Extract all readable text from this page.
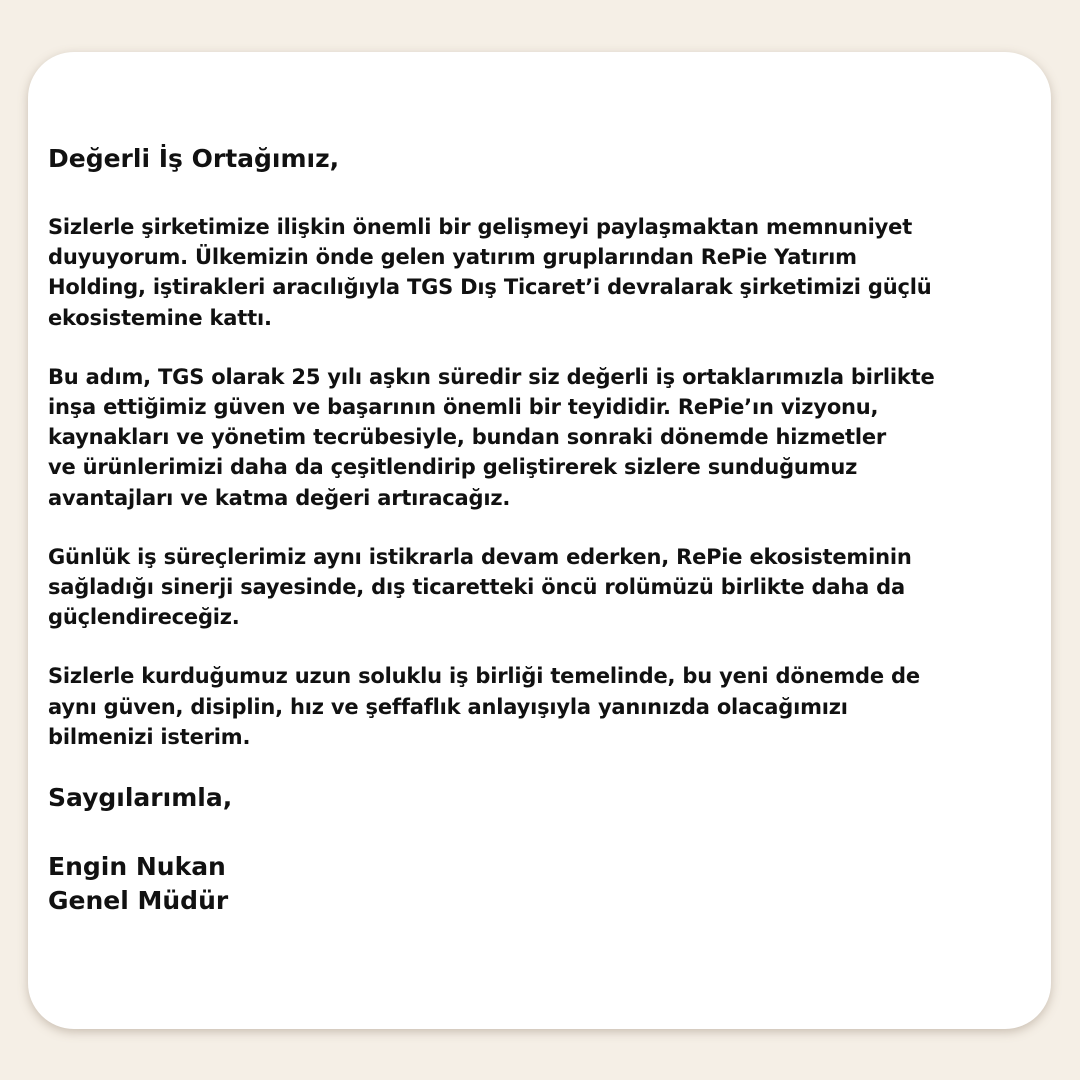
Değerli İş Ortağımız,
Sizlerle şirketimize ilişkin önemli bir gelişmeyi paylaşmaktan memnuniyet
duyuyorum. Ülkemizin önde gelen yatırım gruplarından RePie Yatırım
Holding, iştirakleri aracılığıyla TGS Dış Ticaret’i devralarak şirketimizi güçlü
ekosistemine kattı.
Bu adım, TGS olarak 25 yılı aşkın süredir siz değerli iş ortaklarımızla birlikte
inşa ettiğimiz güven ve başarının önemli bir teyididir. RePie’ın vizyonu,
kaynakları ve yönetim tecrübesiyle, bundan sonraki dönemde hizmetler
ve ürünlerimizi daha da çeşitlendirip geliştirerek sizlere sunduğumuz
avantajları ve katma değeri artıracağız.
Günlük iş süreçlerimiz aynı istikrarla devam ederken, RePie ekosisteminin
sağladığı sinerji sayesinde, dış ticaretteki öncü rolümüzü birlikte daha da
güçlendireceğiz.
Sizlerle kurduğumuz uzun soluklu iş birliği temelinde, bu yeni dönemde de
aynı güven, disiplin, hız ve şeffaflık anlayışıyla yanınızda olacağımızı
bilmenizi isterim.
Saygılarımla,
Engin Nukan
Genel Müdür
